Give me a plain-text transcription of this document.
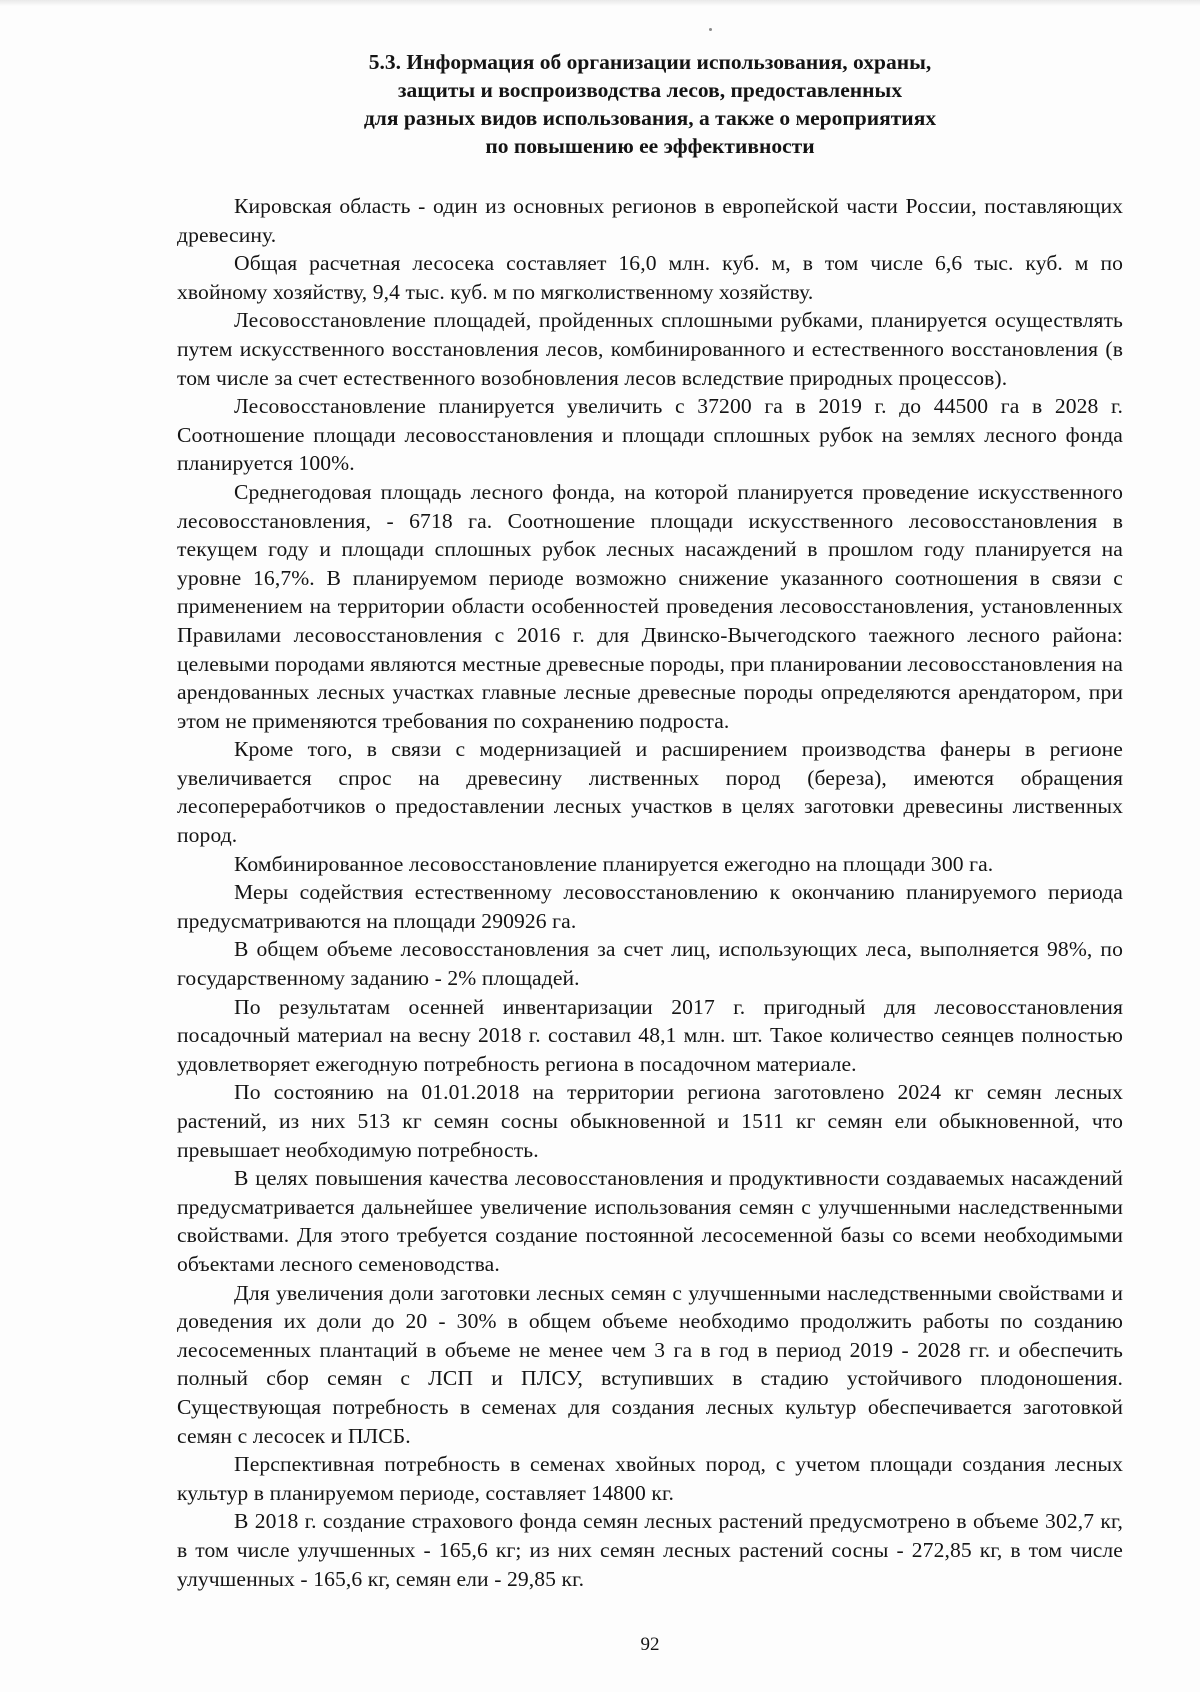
5.3. Информация об организации использования, охраны,
защиты и воспроизводства лесов, предоставленных
для разных видов использования, а также о мероприятиях
по повышению ее эффективности

Кировская область - один из основных регионов в европейской части России, поставляющих древесину.

Общая расчетная лесосека составляет 16,0 млн. куб. м, в том числе 6,6 тыс. куб. м по хвойному хозяйству, 9,4 тыс. куб. м по мягколиственному хозяйству.

Лесовосстановление площадей, пройденных сплошными рубками, планируется осуществлять путем искусственного восстановления лесов, комбинированного и естественного восстановления (в том числе за счет естественного возобновления лесов вследствие природных процессов).

Лесовосстановление планируется увеличить с 37200 га в 2019 г. до 44500 га в 2028 г. Соотношение площади лесовосстановления и площади сплошных рубок на землях лесного фонда планируется 100%.

Среднегодовая площадь лесного фонда, на которой планируется проведение искусственного лесовосстановления, - 6718 га. Соотношение площади искусственного лесовосстановления в текущем году и площади сплошных рубок лесных насаждений в прошлом году планируется на уровне 16,7%. В планируемом периоде возможно снижение указанного соотношения в связи с применением на территории области особенностей проведения лесовосстановления, установленных Правилами лесовосстановления с 2016 г. для Двинско-Вычегодского таежного лесного района: целевыми породами являются местные древесные породы, при планировании лесовосстановления на арендованных лесных участках главные лесные древесные породы определяются арендатором, при этом не применяются требования по сохранению подроста.

Кроме того, в связи с модернизацией и расширением производства фанеры в регионе увеличивается спрос на древесину лиственных пород (береза), имеются обращения лесопереработчиков о предоставлении лесных участков в целях заготовки древесины лиственных пород.

Комбинированное лесовосстановление планируется ежегодно на площади 300 га.

Меры содействия естественному лесовосстановлению к окончанию планируемого периода предусматриваются на площади 290926 га.

В общем объеме лесовосстановления за счет лиц, использующих леса, выполняется 98%, по государственному заданию - 2% площадей.

По результатам осенней инвентаризации 2017 г. пригодный для лесовосстановления посадочный материал на весну 2018 г. составил 48,1 млн. шт. Такое количество сеянцев полностью удовлетворяет ежегодную потребность региона в посадочном материале.

По состоянию на 01.01.2018 на территории региона заготовлено 2024 кг семян лесных растений, из них 513 кг семян сосны обыкновенной и 1511 кг семян ели обыкновенной, что превышает необходимую потребность.

В целях повышения качества лесовосстановления и продуктивности создаваемых насаждений предусматривается дальнейшее увеличение использования семян с улучшенными наследственными свойствами. Для этого требуется создание постоянной лесосеменной базы со всеми необходимыми объектами лесного семеноводства.

Для увеличения доли заготовки лесных семян с улучшенными наследственными свойствами и доведения их доли до 20 - 30% в общем объеме необходимо продолжить работы по созданию лесосеменных плантаций в объеме не менее чем 3 га в год в период 2019 - 2028 гг. и обеспечить полный сбор семян с ЛСП и ПЛСУ, вступивших в стадию устойчивого плодоношения. Существующая потребность в семенах для создания лесных культур обеспечивается заготовкой семян с лесосек и ПЛСБ.

Перспективная потребность в семенах хвойных пород, с учетом площади создания лесных культур в планируемом периоде, составляет 14800 кг.

В 2018 г. создание страхового фонда семян лесных растений предусмотрено в объеме 302,7 кг, в том числе улучшенных - 165,6 кг; из них семян лесных растений сосны - 272,85 кг, в том числе улучшенных - 165,6 кг, семян ели - 29,85 кг.

92
